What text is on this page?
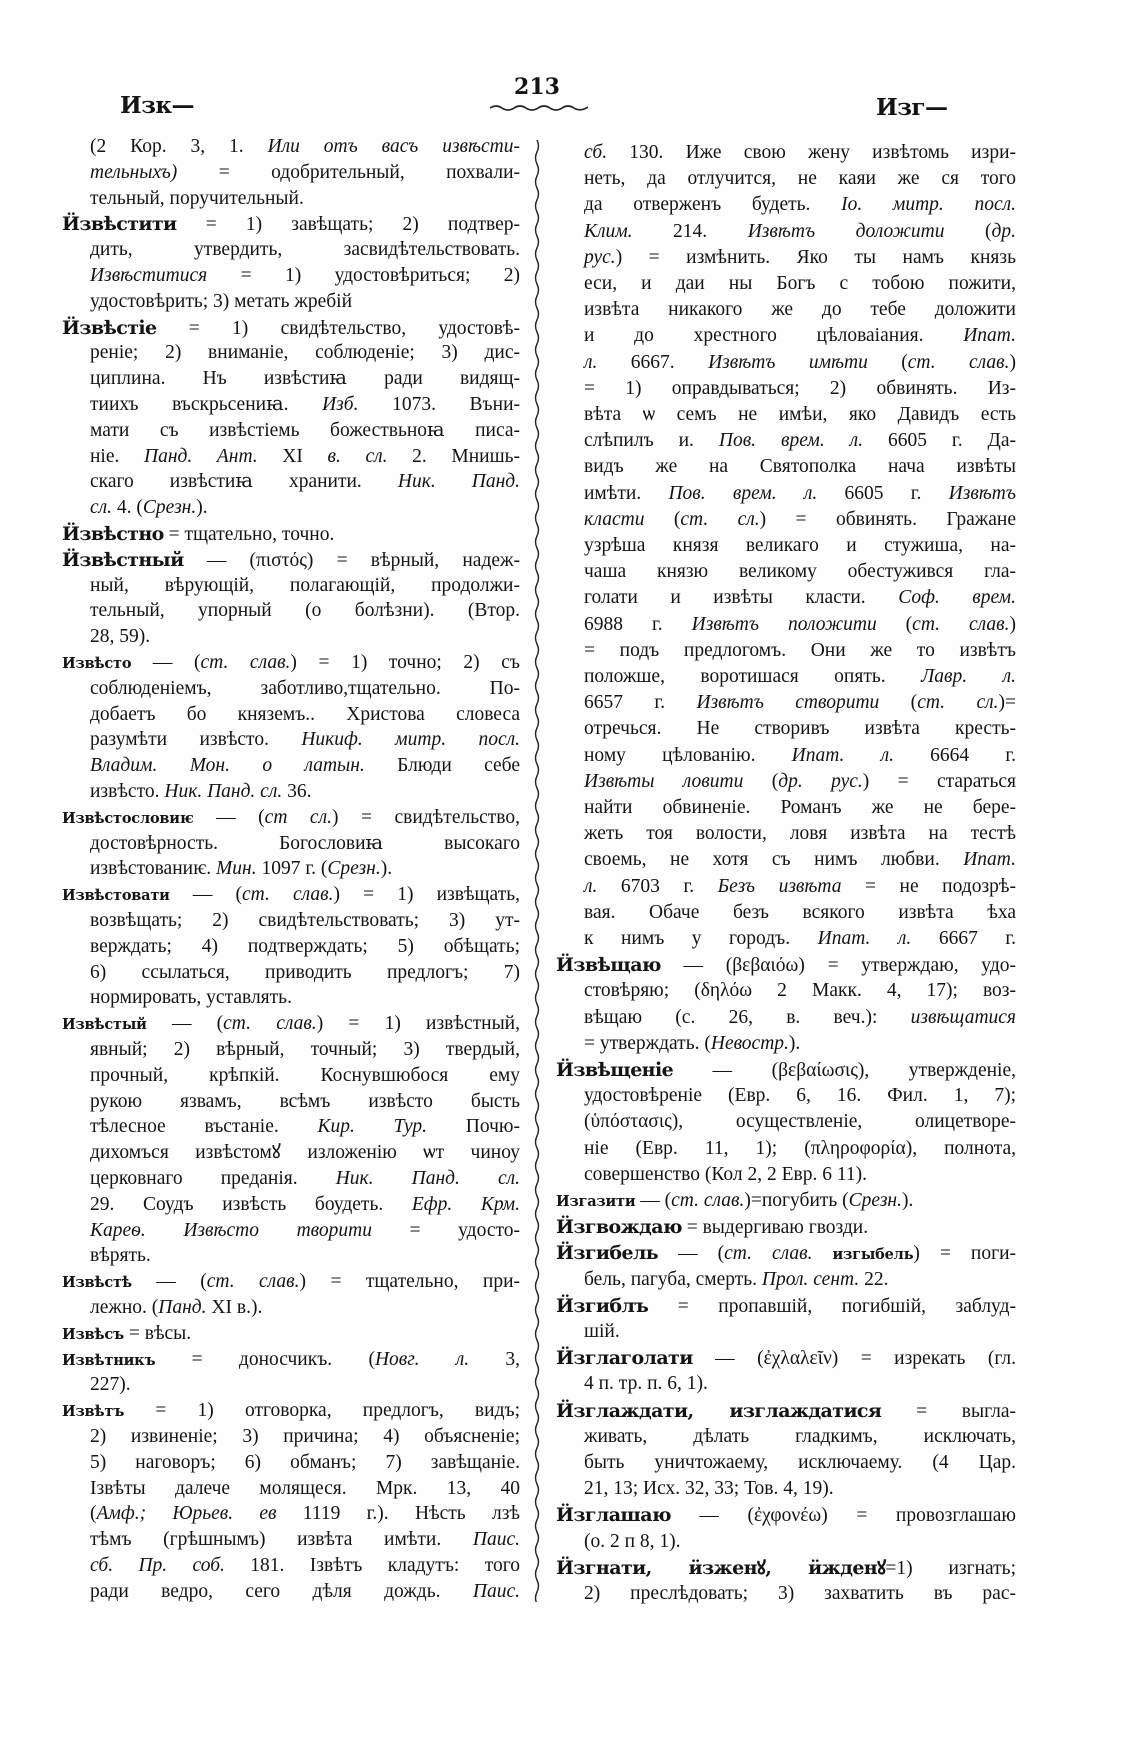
Изк—
213
Изг—
(2 Кор. 3, 1. Или отъ васъ извѣсти-
тельныхъ) = одобрительный, похвали-
тельный, поручительный.
Ӥзвѣстити = 1) завѣщать; 2) подтвер-
дить, утвердить, засвидѣтельствовать.
Извѣститися = 1) удостовѣриться; 2)
удостовѣрить; 3) метать жребій
Ӥзвѣстіе = 1) свидѣтельство, удостовѣ-
реніе; 2) вниманіе, соблюденіе; 3) дис-
циплина. Нъ извѣстиꙗ ради видящ-
тиихъ въскрьсениꙗ. Изб. 1073. Въни-
мати съ извѣстіемь божествьноꙗ писа-
ніе. Панд. Ант. XI в. сл. 2. Мнишь-
скаго извѣстиꙗ хранити. Ник. Панд.
сл. 4. (Срезн.).
Ӥзвѣстно = тщательно, точно.
Ӥзвѣстный — (πιστός) = вѣрный, надеж-
ный, вѣрующій, полагающій, продолжи-
тельный, упорный (о болѣзни). (Втор.
28, 59).
Извѣсто — (ст. слав.) = 1) точно; 2) съ
соблюденіемъ, заботливо,тщательно. По-
добаетъ бо княземъ.. Христова словеса
разумѣти извѣсто. Никиф. митр. посл.
Владим. Мон. о латын. Блюди себе
извѣсто. Ник. Панд. сл. 36.
Извѣстословиѥ — (ст сл.) = свидѣтельство,
достовѣрность. Богословиꙗ высокаго
извѣстованиѥ. Мин. 1097 г. (Срезн.).
Извѣстовати — (ст. слав.) = 1) извѣщать,
возвѣщать; 2) свидѣтельствовать; 3) ут-
верждать; 4) подтверждать; 5) обѣщать;
6) ссылаться, приводить предлогъ; 7)
нормировать, уставлять.
Извѣстый — (ст. слав.) = 1) извѣстный,
явный; 2) вѣрный, точный; 3) твердый,
прочный, крѣпкій. Коснувшюбося ему
рукою язвамъ, всѣмъ извѣсто бысть
тѣлесное въстаніе. Кир. Тур. Почю-
дихомъся извѣстомꙋ изложенію ѡт чиноу
церковнаго преданія. Ник. Панд. сл.
29. Соудъ извѣсть боудеть. Ефр. Крм.
Кареѳ. Извѣсто творити = удосто-
вѣрять.
Извѣстѣ — (ст. слав.) = тщательно, при-
лежно. (Панд. XI в.).
Извѣсъ = вѣсы.
Извѣтникъ = доносчикъ. (Новг. л. 3,
227).
Извѣтъ = 1) отговорка, предлогъ, видъ;
2) извиненіе; 3) причина; 4) объясненіе;
5) наговоръ; 6) обманъ; 7) завѣщаніе.
Ізвѣты далече молящеся. Мрк. 13, 40
(Амф.; Юрьев. ев 1119 г.). Нѣсть лзѣ
тѣмъ (грѣшнымъ) извѣта имѣти. Паис.
сб. Пр. соб. 181. Ізвѣтъ кладутъ: того
ради ведро, сего дѣля дождь. Паис.
сб. 130. Иже свою жену извѣтомь изри-
неть, да отлучится, не каяи же ся того
да отверженъ будеть. Іо. митр. посл.
Клим. 214. Извѣтъ доложити (др.
рус.) = измѣнить. Яко ты намъ князь
еси, и даи ны Богъ с тобою пожити,
извѣта никакого же до тебе доложити
и до хрестного цѣловаіания. Ипат.
л. 6667. Извѣтъ имѣти (ст. слав.)
= 1) оправдываться; 2) обвинять. Из-
вѣта ѡ семъ не имѣи, яко Давидъ есть
слѣпилъ и. Пов. врем. л. 6605 г. Да-
видъ же на Святополка нача извѣты
имѣти. Пов. врем. л. 6605 г. Извѣтъ
класти (ст. сл.) = обвинять. Гражане
узрѣша князя великаго и стужиша, на-
чаша князю великому обестужився гла-
голати и извѣты класти. Соф. врем.
6988 г. Извѣтъ положити (ст. слав.)
= подъ предлогомъ. Они же то извѣтъ
положше, воротишася опять. Лавр. л.
6657 г. Извѣтъ створити (ст. сл.)=
отречься. Не створивъ извѣта кресть-
ному цѣлованію. Ипат. л. 6664 г.
Извѣты ловити (др. рус.) = стараться
найти обвиненіе. Романъ же не бере-
жеть тоя волости, ловя извѣта на тестѣ
своемь, не хотя съ нимъ любви. Ипат.
л. 6703 г. Безъ извѣта = не подозрѣ-
вая. Обаче безъ всякого извѣта ѣха
к нимъ у городъ. Ипат. л. 6667 г.
Ӥзвѣщаю — (βεβαιόω) = утверждаю, удо-
стовѣряю; (δηλόω 2 Макк. 4, 17); воз-
вѣщаю (с. 26, в. веч.): извѣщатися
= утверждать. (Невостр.).
Ӥзвѣщеніе — (βεβαίωσις), утвержденіе,
удостовѣреніе (Евр. 6, 16. Фил. 1, 7);
(ὑπόστασις), осуществленіе, олицетворе-
ніе (Евр. 11, 1); (πληροφορία), полнота,
совершенство (Кол 2, 2 Евр. 6 11).
Изгазити — (ст. слав.)=погубить (Срезн.).
Ӥзгвождаю = выдергиваю гвозди.
Ӥзгибель — (ст. слав. изгыбель) = поги-
бель, пагуба, смерть. Прол. сент. 22.
Ӥзгиблъ = пропавшій, погибшій, заблуд-
шій.
Ӥзглаголати — (ἐχλαλεῖν) = изрекать (гл.
4 п. тр. п. 6, 1).
Ӥзглаждати, изглаждатися = выгла-
живать, дѣлать гладкимъ, исключать,
быть уничтожаему, исключаему. (4 Цар.
21, 13; Исх. 32, 33; Тов. 4, 19).
Ӥзглашаю — (ἐχφονέω) = провозглашаю
(о. 2 п 8, 1).
Ӥзгнати, ӥзженꙋ, ӥжденꙋ=1) изгнать;
2) преслѣдовать; 3) захватить въ рас-
